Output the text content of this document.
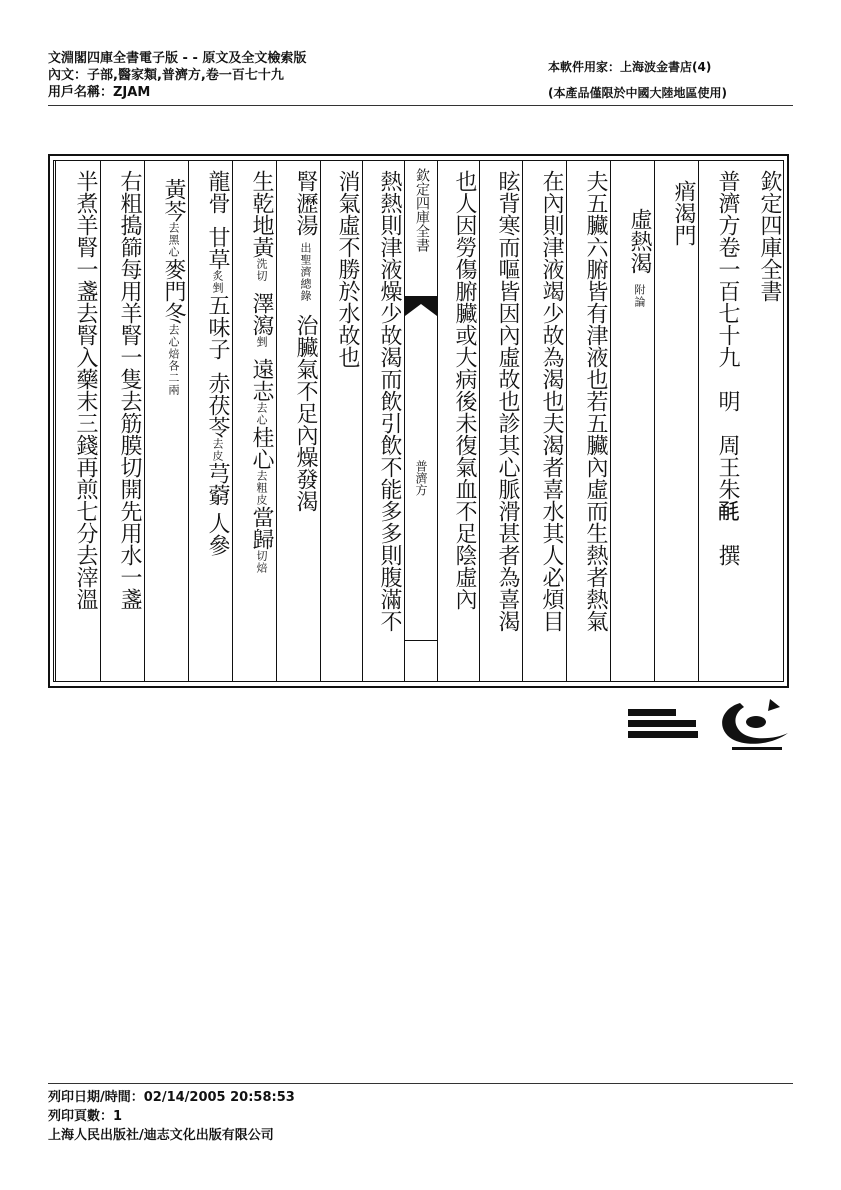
文淵閣四庫全書電子版 - - 原文及全文檢索版
內文：子部,醫家類,普濟方,卷一百七十九
用戶名稱：ZJAM
本軟件用家：上海波金書店(4)
(本產品僅限於中國大陸地區使用)
欽定四庫全書
普濟方卷一百七十九　明　周王朱𣭲　撰
痟渴門
虛熱渴附論
夫五臟六腑皆有津液也若五臟內虛而生熱者熱氣
在內則津液竭少故為渴也夫渴者喜水其人必煩目
眩背寒而嘔皆因內虛故也診其心脈滑甚者為喜渴
也人因勞傷腑臟或大病後未復氣血不足陰虛內
欽定四庫全書
普濟方
熱熱則津液燥少故渴而飲引飲不能多多則腹滿不
消氣虛不勝於水故也
腎瀝湯出聖濟總錄治臟氣不足內燥發渴
生乾地黃洗切澤瀉剉遠志去心桂心去粗皮當歸切焙
龍骨甘草炙剉五味子赤茯苓去皮芎藭人參
黃芩去黑心麥門冬去心焙各二兩
右粗搗篩每用羊腎一隻去筋膜切開先用水一盞
半煮羊腎一盞去腎入藥末三錢再煎七分去滓溫
列印日期/時間：02/14/2005 20:58:53
列印頁數：1
上海人民出版社/迪志文化出版有限公司
